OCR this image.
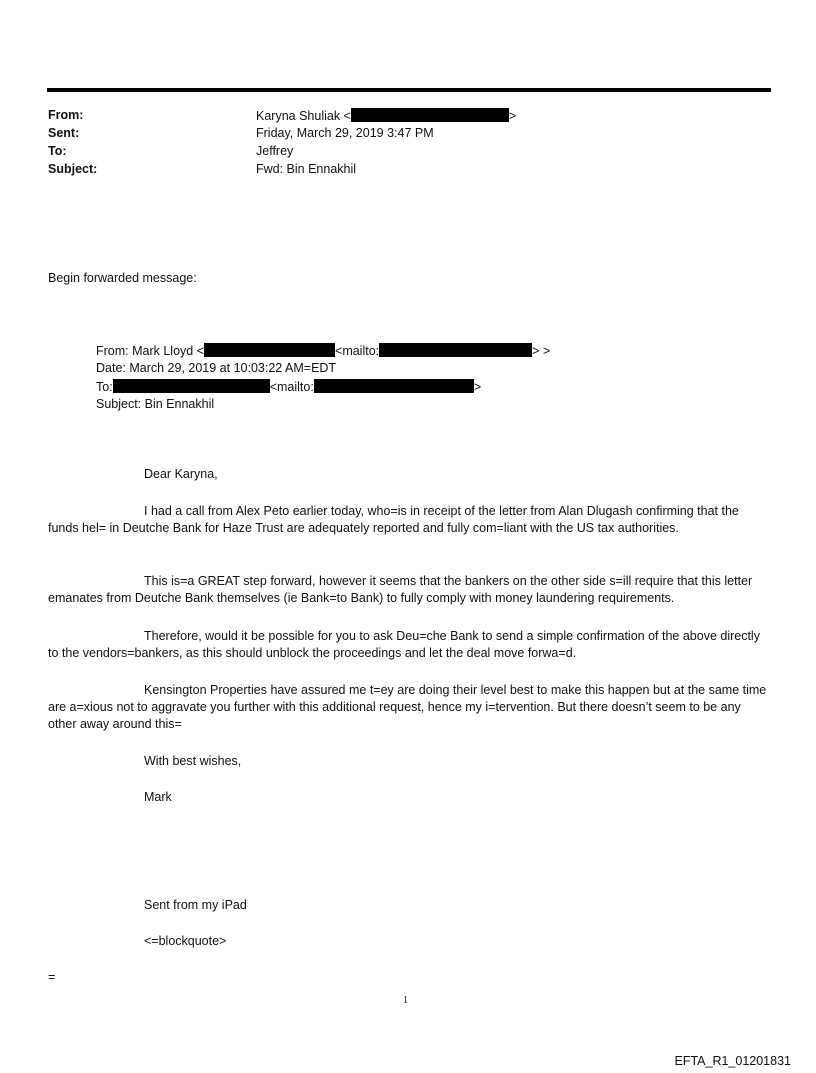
From:	Karyna Shuliak <	>
Sent:	Friday, March 29, 2019 3:47 PM
To:	Jeffrey
Subject:	Fwd: Bin Ennakhil
Begin forwarded message:
From: Mark Lloyd <	<mailto:	> >
Date: March 29, 2019 at 10:03:22 AM=EDT
To:	<mailto:	>
Subject: Bin Ennakhil
Dear Karyna,
I had a call from Alex Peto earlier today, who=is in receipt of the letter from Alan Dlugash confirming that the funds hel= in Deutche Bank for Haze Trust are adequately reported and fully com=liant with the US tax authorities.
This is=a GREAT step forward, however it seems that the bankers on the other side s=ill require that this letter emanates from Deutche Bank themselves (ie Bank=to Bank) to fully comply with money laundering requirements.
Therefore, would it be possible for you to ask Deu=che Bank to send a simple confirmation of the above directly to the vendors=bankers, as this should unblock the proceedings and let the deal move forwa=d.
Kensington Properties have assured me t=ey are doing their level best to make this happen but at the same time are a=xious not to aggravate you further with this additional request, hence my i=tervention. But there doesn’t seem to be any other away around this=
With best wishes,
Mark
Sent from my iPad
<=blockquote>
=
1
EFTA_R1_01201831
